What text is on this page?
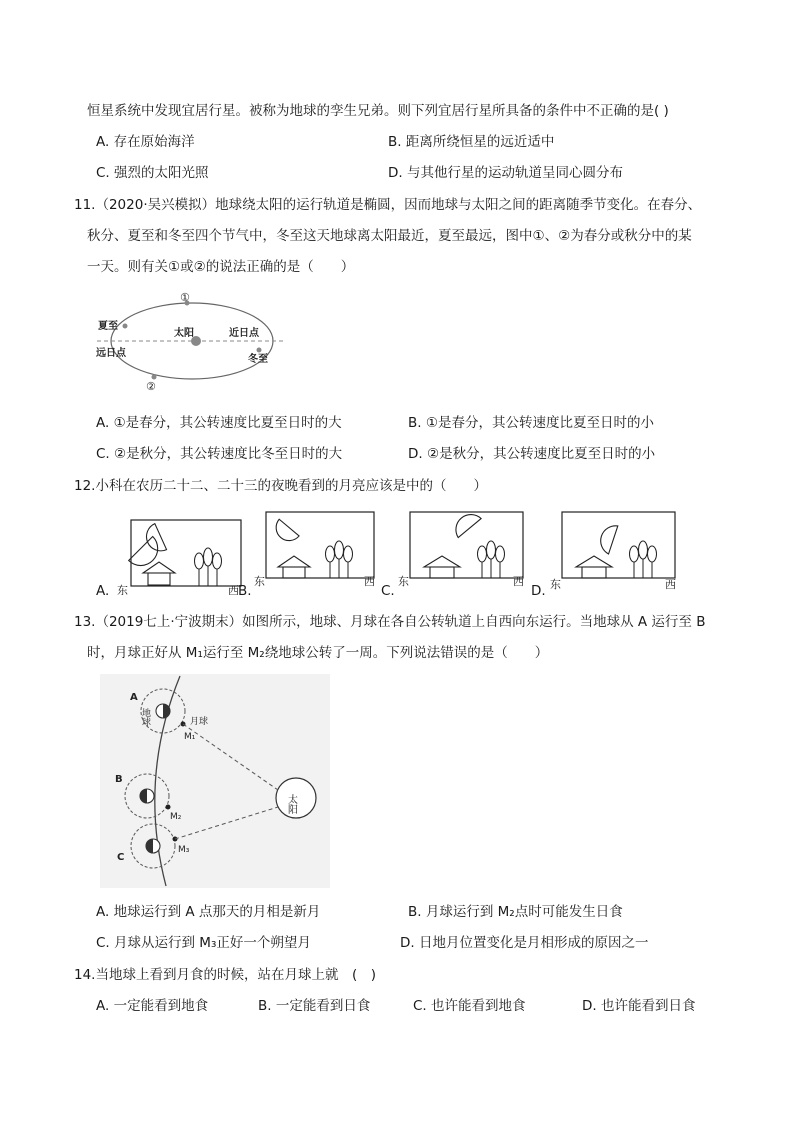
恒星系统中发现宜居行星。被称为地球的孪生兄弟。则下列宜居行星所具备的条件中不正确的是( )
A. 存在原始海洋	B. 距离所绕恒星的远近适中
C. 强烈的太阳光照	D. 与其他行星的运动轨道呈同心圆分布
11.（2020·吴兴模拟）地球绕太阳的运行轨道是椭圆，因而地球与太阳之间的距离随季节变化。在春分、
秋分、夏至和冬至四个节气中，冬至这天地球离太阳最近，夏至最远，图中①、②为春分或秋分中的某
一天。则有关①或②的说法正确的是（　　）
夏至
远日点
太阳	近日点
冬至
①
②
A. ①是春分，其公转速度比夏至日时的大	B. ①是春分，其公转速度比夏至日时的小
C. ②是秋分，其公转速度比冬至日时的大	D. ②是秋分，其公转速度比夏至日时的小
12.小科在农历二十二、二十三的夜晚看到的月亮应该是中的（　　）
A. 东	西 B.
东	西
C.
东	西
D. 东	西
13.（2019七上·宁波期末）如图所示，地球、月球在各自公转轨道上自西向东运行。当地球从 A 运行至 B
时，月球正好从 M₁运行至 M₂绕地球公转了一周。下列说法错误的是（　　）
A
B
C
地球	月球
M₁
M₂
M₃
太阳
A. 地球运行到 A 点那天的月相是新月	B. 月球运行到 M₂点时可能发生日食
C. 月球从运行到 M₃正好一个朔望月	D. 日地月位置变化是月相形成的原因之一
14.当地球上看到月食的时候，站在月球上就　(　)
A. 一定能看到地食	B. 一定能看到日食	C. 也许能看到地食	D. 也许能看到日食
